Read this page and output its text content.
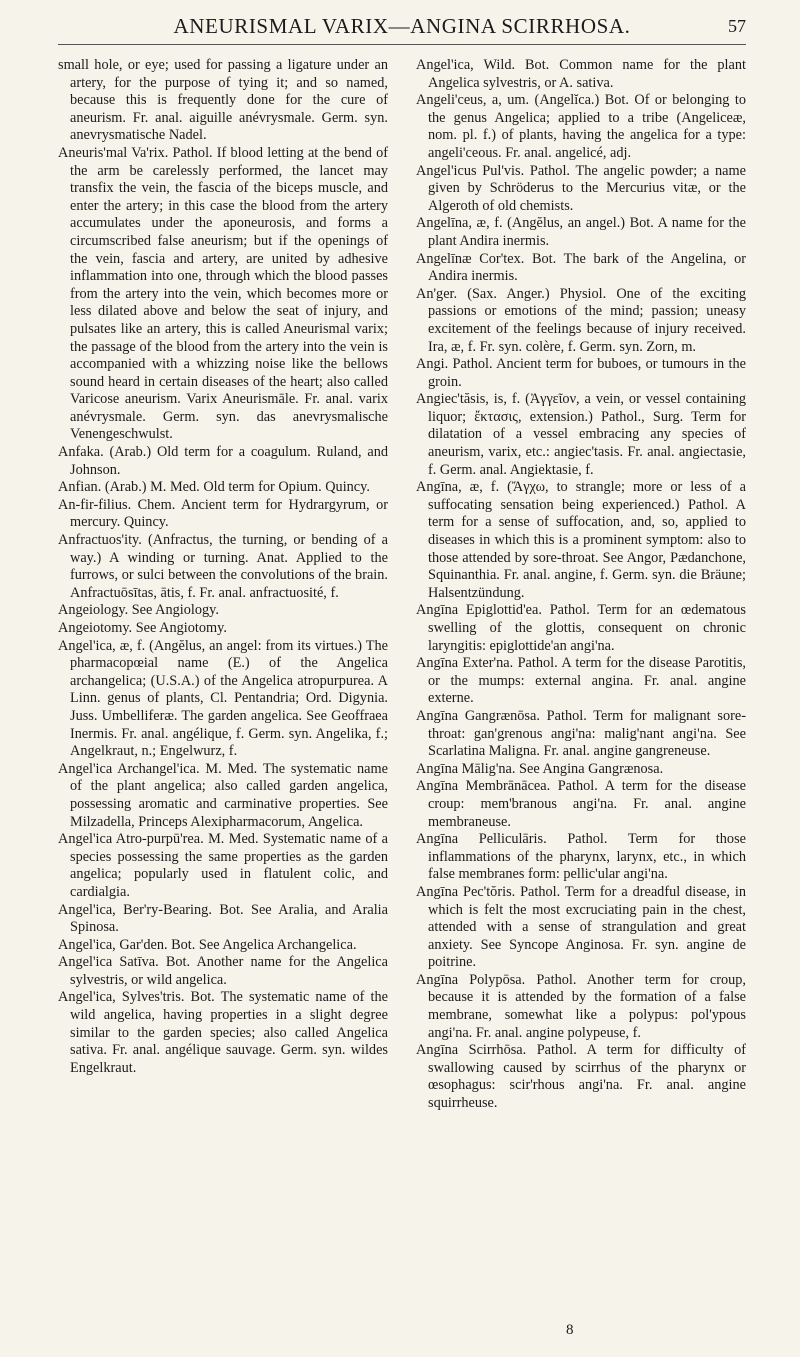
ANEURISMAL VARIX—ANGINA SCIRRHOSA.	57

small hole, or eye; used for passing a ligature under an artery, for the purpose of tying it; and so named, because this is frequently done for the cure of aneurism. Fr. anal. aiguille anévrysmale. Germ. syn. anevrysmatische Nadel.

Aneuris'mal Va'rix. Pathol. If blood letting at the bend of the arm be carelessly performed, the lancet may transfix the vein, the fascia of the biceps muscle, and enter the artery; in this case the blood from the artery accumulates under the aponeurosis, and forms a circumscribed false aneurism; but if the openings of the vein, fascia and artery, are united by adhesive inflammation into one, through which the blood passes from the artery into the vein, which becomes more or less dilated above and below the seat of injury, and pulsates like an artery, this is called Aneurismal varix; the passage of the blood from the artery into the vein is accompanied with a whizzing noise like the bellows sound heard in certain diseases of the heart; also called Varicose aneurism. Varix Aneurismāle. Fr. anal. varix anévrysmale. Germ. syn. das anevrysmalische Venengeschwulst.

Anfaka. (Arab.) Old term for a coagulum. Ruland, and Johnson.

Anfian. (Arab.) M. Med. Old term for Opium. Quincy.

An-fir-filius. Chem. Ancient term for Hydrargyrum, or mercury. Quincy.

Anfractuos'ity. (Anfractus, the turning, or bending of a way.) A winding or turning. Anat. Applied to the furrows, or sulci between the convolutions of the brain. Anfractuōsītas, ātis, f. Fr. anal. anfractuosité, f.

Angeiology. See Angiology.

Angeiotomy. See Angiotomy.

Angel'ica, æ, f. (Angĕlus, an angel: from its virtues.) The pharmacopœial name (E.) of the Angelica archangelica; (U.S.A.) of the Angelica atropurpurea. A Linn. genus of plants, Cl. Pentandria; Ord. Digynia. Juss. Umbelliferæ. The garden angelica. See Geoffraea Inermis. Fr. anal. angélique, f. Germ. syn. Angelika, f.; Angelkraut, n.; Engelwurz, f.

Angel'ica Archangel'ica. M. Med. The systematic name of the plant angelica; also called garden angelica, possessing aromatic and carminative properties. See Milzadella, Princeps Alexipharmacorum, Angelica.

Angel'ica Atro-purpū'rea. M. Med. Systematic name of a species possessing the same properties as the garden angelica; popularly used in flatulent colic, and cardialgia.

Angel'ica, Ber'ry-Bearing. Bot. See Aralia, and Aralia Spinosa.

Angel'ica, Gar'den. Bot. See Angelica Archangelica.

Angel'ica Satīva. Bot. Another name for the Angelica sylvestris, or wild angelica.

Angel'ica, Sylves'tris. Bot. The systematic name of the wild angelica, having properties in a slight degree similar to the garden species; also called Angelica sativa. Fr. anal. angélique sauvage. Germ. syn. wildes Engelkraut.

Angel'ica, Wild. Bot. Common name for the plant Angelica sylvestris, or A. sativa.

Angeli'ceus, a, um. (Angelĭca.) Bot. Of or belonging to the genus Angelica; applied to a tribe (Angeliceæ, nom. pl. f.) of plants, having the angelica for a type: angeli'ceous. Fr. anal. angelicé, adj.

Angel'icus Pul'vis. Pathol. The angelic powder; a name given by Schröderus to the Mercurius vitæ, or the Algeroth of old chemists.

Angelīna, æ, f. (Angĕlus, an angel.) Bot. A name for the plant Andira inermis.

Angelīnæ Cor'tex. Bot. The bark of the Angelina, or Andira inermis.

An'ger. (Sax. Anger.) Physiol. One of the exciting passions or emotions of the mind; passion; uneasy excitement of the feelings because of injury received. Ira, æ, f. Fr. syn. colère, f. Germ. syn. Zorn, m.

Angi. Pathol. Ancient term for buboes, or tumours in the groin.

Angiec'tăsis, is, f. (Ἀγγεῖον, a vein, or vessel containing liquor; ἔκτασις, extension.) Pathol., Surg. Term for dilatation of a vessel embracing any species of aneurism, varix, etc.: angiec'tasis. Fr. anal. angiectasie, f. Germ. anal. Angiektasie, f.

Angīna, æ, f. (Ἄγχω, to strangle; more or less of a suffocating sensation being experienced.) Pathol. A term for a sense of suffocation, and, so, applied to diseases in which this is a prominent symptom: also to those attended by sore-throat. See Angor, Pædanchone, Squinanthia. Fr. anal. angine, f. Germ. syn. die Bräune; Halsentzündung.

Angīna Epiglottid'ea. Pathol. Term for an œdematous swelling of the glottis, consequent on chronic laryngitis: epiglottide'an angi'na.

Angīna Exter'na. Pathol. A term for the disease Parotitis, or the mumps: external angina. Fr. anal. angine externe.

Angīna Gangrænōsa. Pathol. Term for malignant sore-throat: gan'grenous angi'na: malig'nant angi'na. See Scarlatina Maligna. Fr. anal. angine gangreneuse.

Angīna Mālig'na. See Angina Gangrænosa.

Angīna Membrānācea. Pathol. A term for the disease croup: mem'branous angi'na. Fr. anal. angine membraneuse.

Angīna Pelliculāris. Pathol. Term for those inflammations of the pharynx, larynx, etc., in which false membranes form: pellic'ular angi'na.

Angīna Pec'tŏris. Pathol. Term for a dreadful disease, in which is felt the most excruciating pain in the chest, attended with a sense of strangulation and great anxiety. See Syncope Anginosa. Fr. syn. angine de poitrine.

Angīna Polypōsa. Pathol. Another term for croup, because it is attended by the formation of a false membrane, somewhat like a polypus: pol'ypous angi'na. Fr. anal. angine polypeuse, f.

Angīna Scirrhōsa. Pathol. A term for difficulty of swallowing caused by scirrhus of the pharynx or œsophagus: scir'rhous angi'na. Fr. anal. angine squirrheuse.

8
